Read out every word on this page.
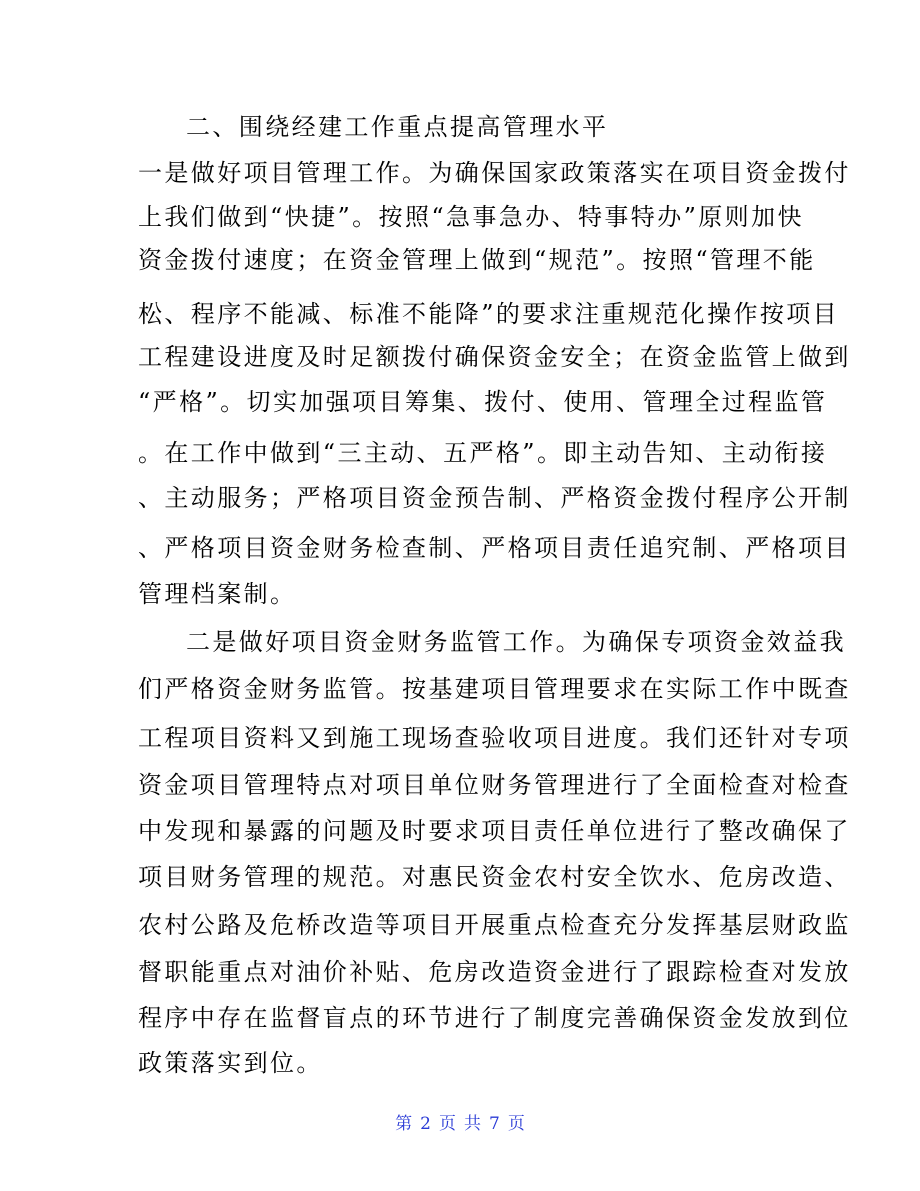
二、围绕经建工作重点提高管理水平
一是做好项目管理工作。为确保国家政策落实在项目资金拨付
上我们做到“快捷”。按照“急事急办、特事特办”原则加快
资金拨付速度；在资金管理上做到“规范”。按照“管理不能
松、程序不能减、标准不能降”的要求注重规范化操作按项目
工程建设进度及时足额拨付确保资金安全；在资金监管上做到
“严格”。切实加强项目筹集、拨付、使用、管理全过程监管
。在工作中做到“三主动、五严格”。即主动告知、主动衔接
、主动服务；严格项目资金预告制、严格资金拨付程序公开制
、严格项目资金财务检查制、严格项目责任追究制、严格项目
管理档案制。
二是做好项目资金财务监管工作。为确保专项资金效益我
们严格资金财务监管。按基建项目管理要求在实际工作中既查
工程项目资料又到施工现场查验收项目进度。我们还针对专项
资金项目管理特点对项目单位财务管理进行了全面检查对检查
中发现和暴露的问题及时要求项目责任单位进行了整改确保了
项目财务管理的规范。对惠民资金农村安全饮水、危房改造、
农村公路及危桥改造等项目开展重点检查充分发挥基层财政监
督职能重点对油价补贴、危房改造资金进行了跟踪检查对发放
程序中存在监督盲点的环节进行了制度完善确保资金发放到位
政策落实到位。
第 2 页 共 7 页
